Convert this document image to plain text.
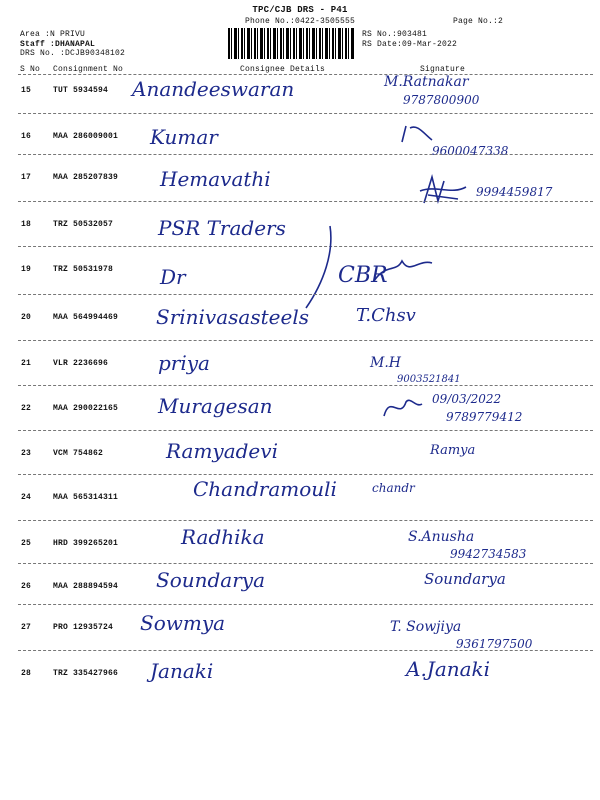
TPC/CJB DRS - P41
Phone No.:0422-3505555	Page No.:2
Area :N PRIVU
Staff :DHANAPAL
DRS No. :DCJB90348102
RS No.:903481
RS Date:09-Mar-2022
S No Consignment No	Consignee Details	Signature
15	TUT 5934594 Anandeeswaran	M.Ratnakar
9787800900
16	MAA 286009001 Kumar
9600047338
17	MAA 285207839 Hemavathi
9994459817
18	TRZ 50532057 PSR Traders
19	TRZ 50531978 Dr	CBR
20	MAA 564994469 Srinivasasteels	T.Chsv
21	VLR 2236696 priya	M.H
9003521841
22	MAA 290022165 Muragesan	09/03/2022
9789779412
23	VCM 754862	Ramyadevi	Ramya
24	MAA 565314311	Chandramouli	chandr
25	HRD 399265201	Radhika	S.Anusha
9942734583
26	MAA 288894594 Soundarya	Soundarya
27	PRO 12935724 Sowmya	T. Sowjiya
9361797500
28	TRZ 335427966 Janaki	A.Janaki
